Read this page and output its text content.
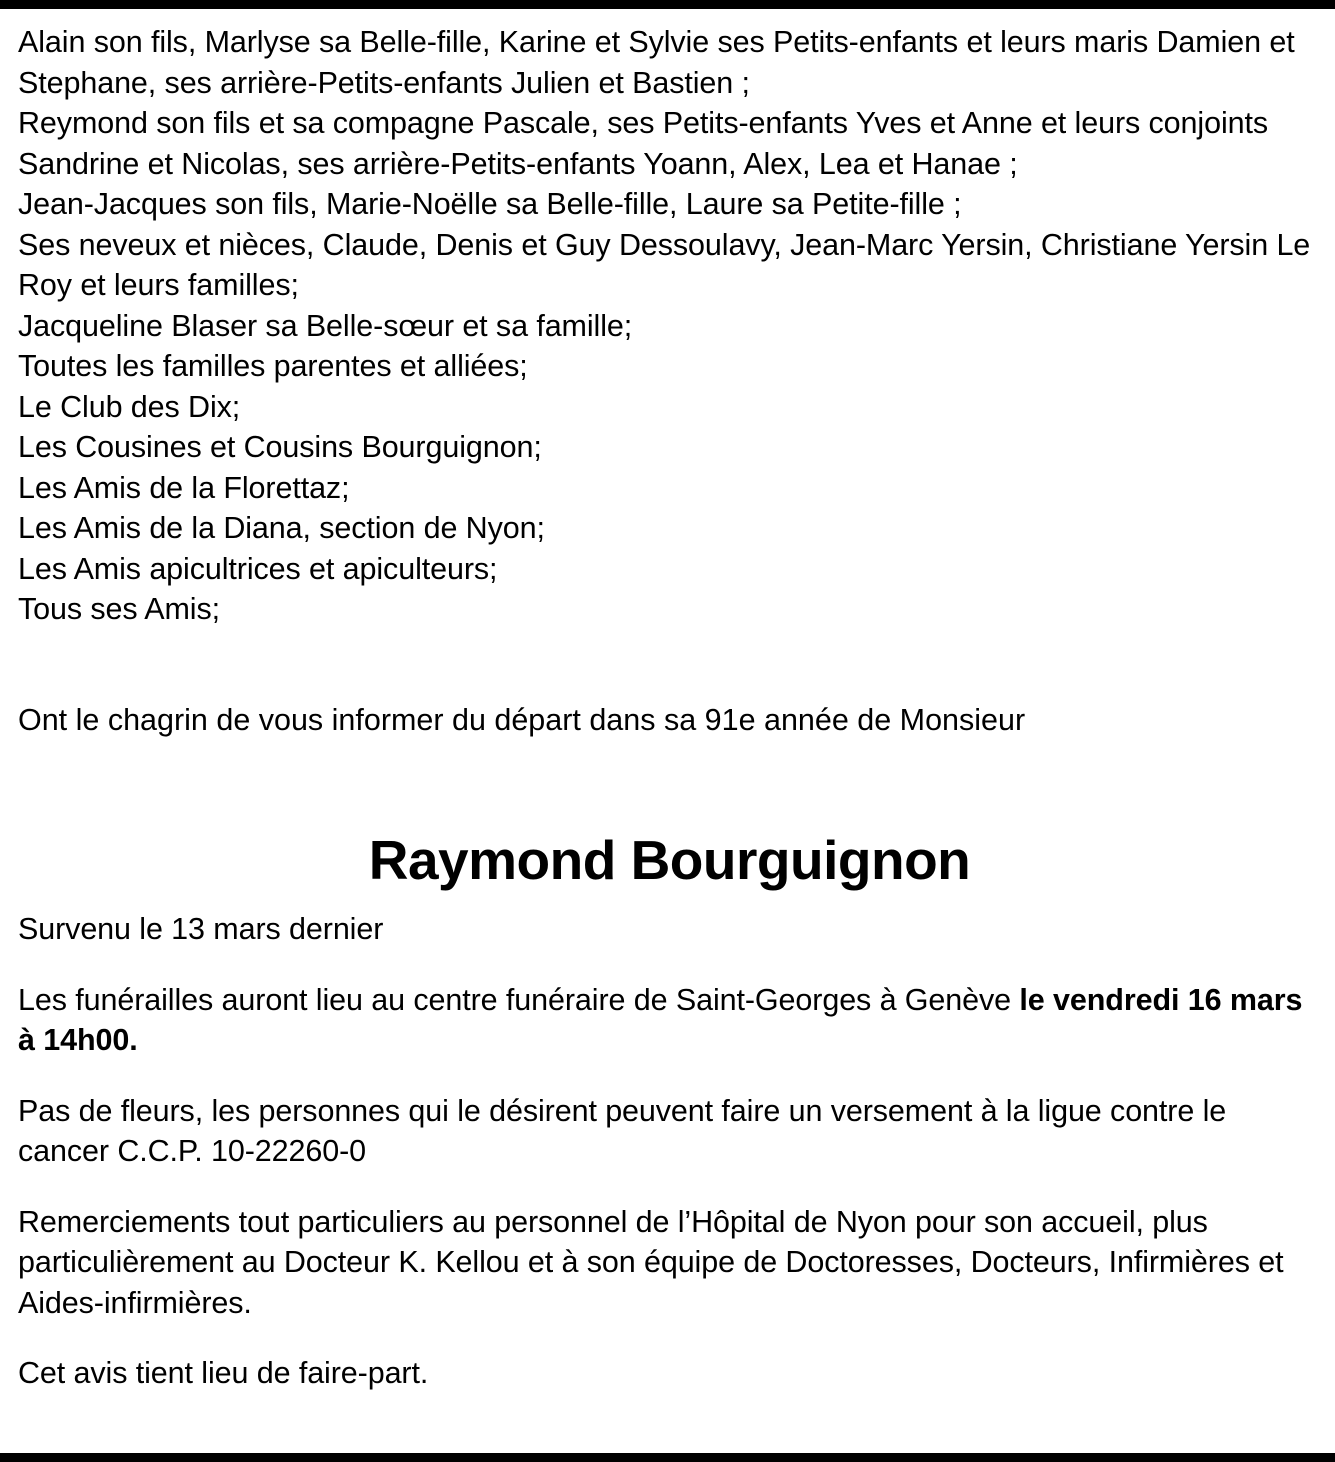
Alain son fils, Marlyse sa Belle-fille, Karine et Sylvie ses Petits-enfants et leurs maris Damien et Stephane, ses arrière-Petits-enfants Julien et Bastien ;

Reymond son fils et sa compagne Pascale, ses Petits-enfants Yves et Anne et leurs conjoints Sandrine et Nicolas, ses arrière-Petits-enfants Yoann, Alex, Lea et Hanae ;

Jean-Jacques son fils, Marie-Noëlle sa Belle-fille, Laure sa Petite-fille ;

Ses neveux et nièces, Claude, Denis et Guy Dessoulavy, Jean-Marc Yersin, Christiane Yersin Le Roy et leurs familles;

Jacqueline Blaser sa Belle-sœur et sa famille;

Toutes les familles parentes et alliées;

Le Club des Dix;

Les Cousines et Cousins Bourguignon;

Les Amis de la Florettaz;

Les Amis de la Diana, section de Nyon;

Les Amis apicultrices et apiculteurs;

Tous ses Amis;

Ont le chagrin de vous informer du départ dans sa 91e année de Monsieur

Raymond Bourguignon

Survenu le 13 mars dernier

Les funérailles auront lieu au centre funéraire de Saint-Georges à Genève le vendredi 16 mars à 14h00.

Pas de fleurs, les personnes qui le désirent peuvent faire un versement à la ligue contre le cancer C.C.P. 10-22260-0

Remerciements tout particuliers au personnel de l’Hôpital de Nyon pour son accueil, plus particulièrement au Docteur K. Kellou et à son équipe de Doctoresses, Docteurs, Infirmières et Aides-infirmières.

Cet avis tient lieu de faire-part.
